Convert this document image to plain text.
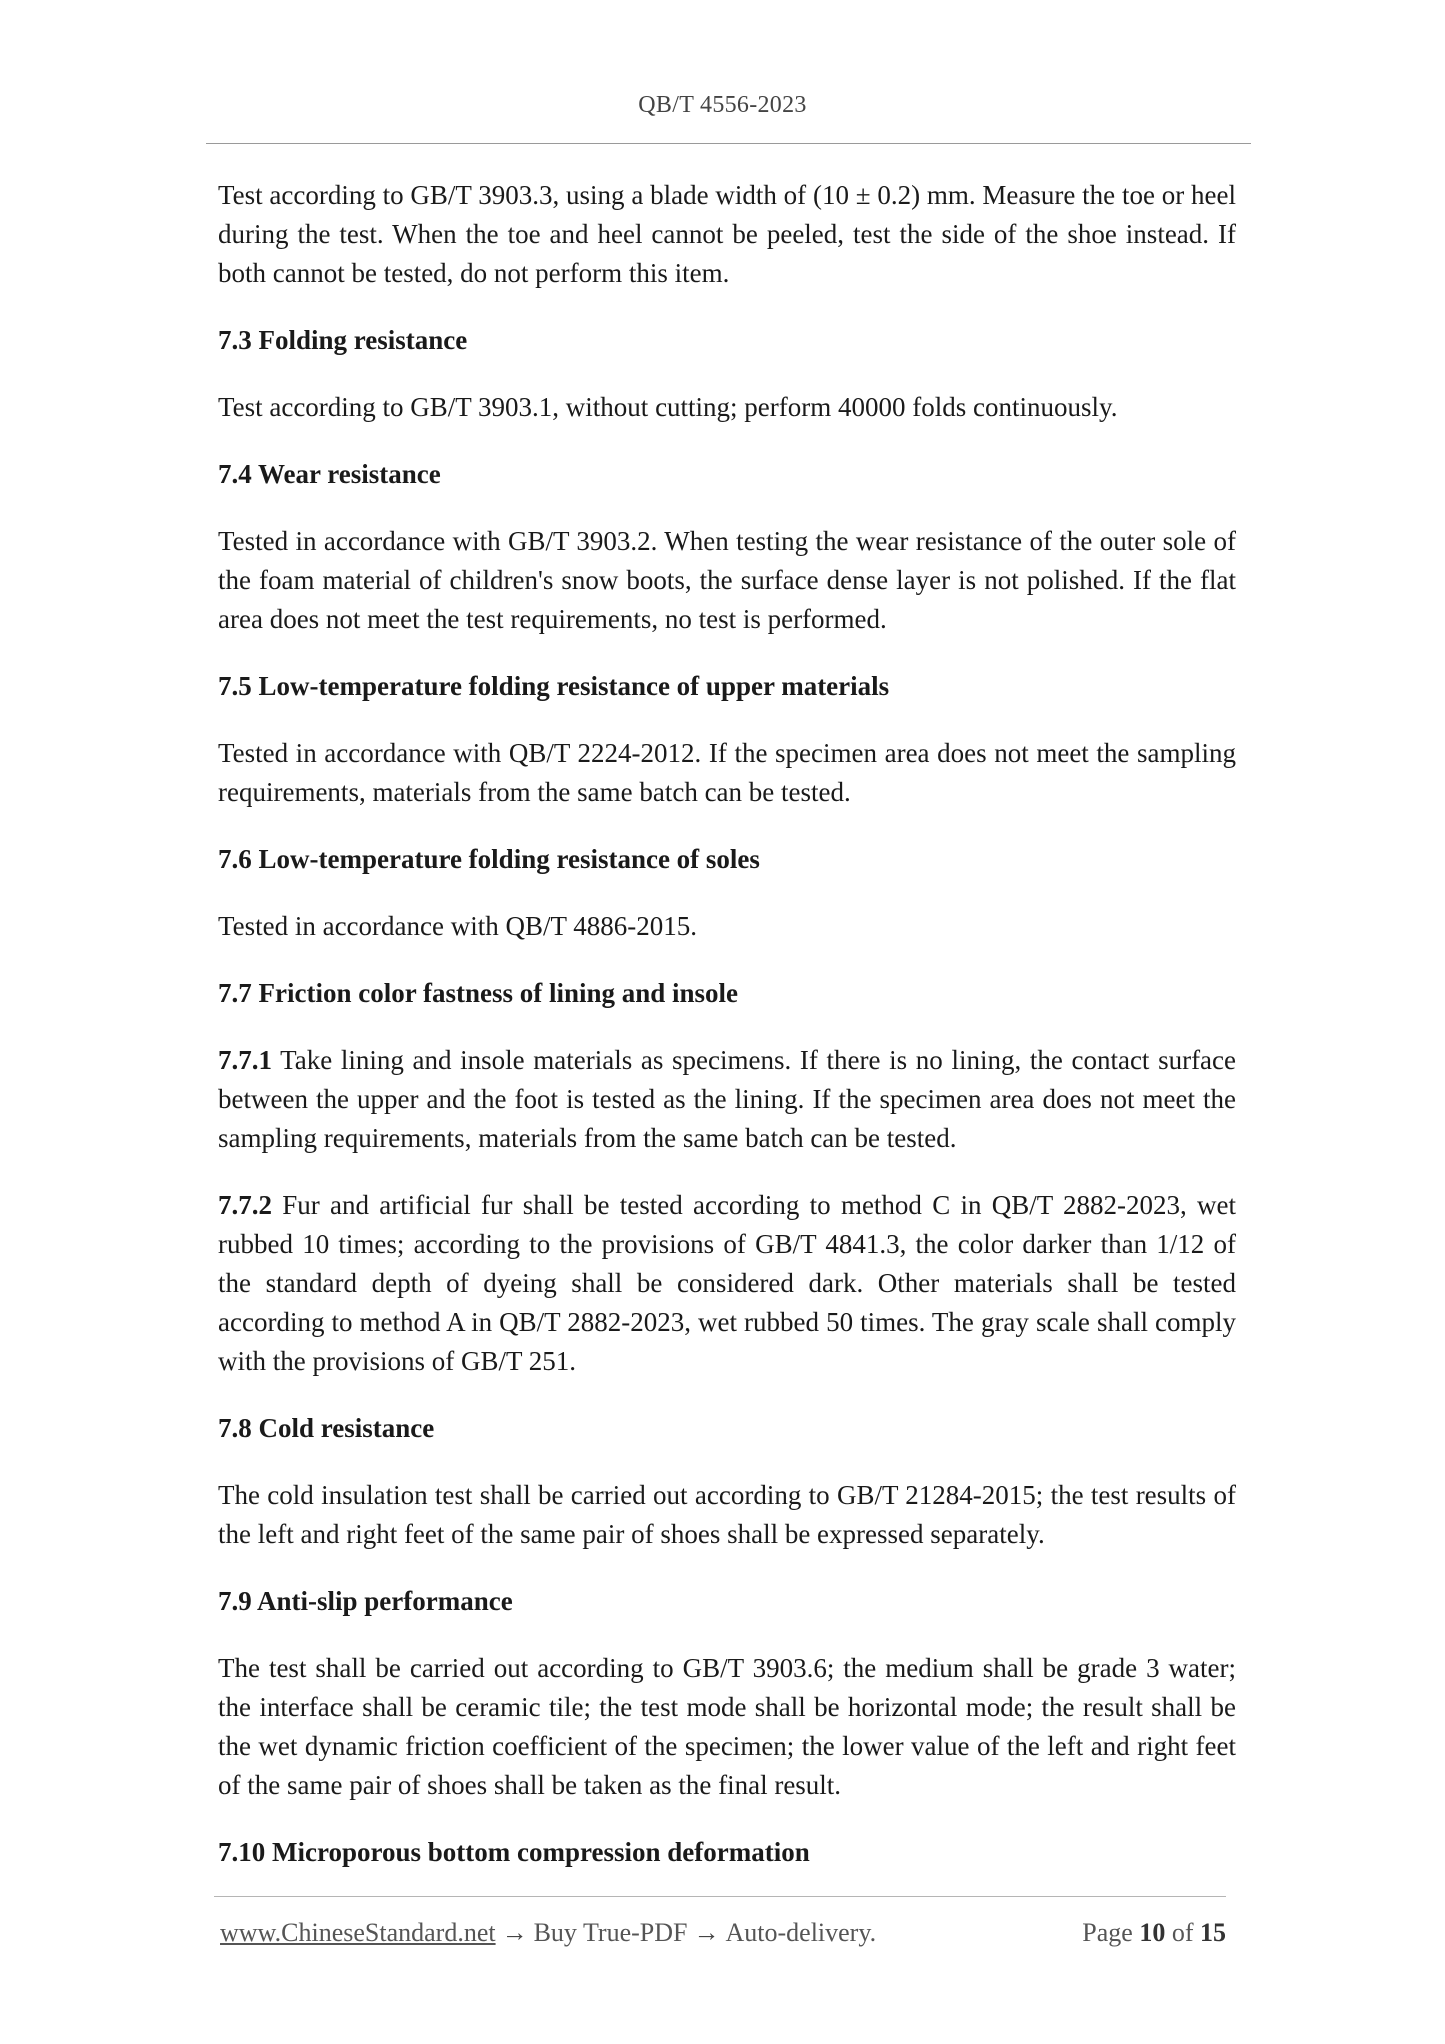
QB/T 4556-2023

Test according to GB/T 3903.3, using a blade width of (10 ± 0.2) mm. Measure the toe or heel during the test. When the toe and heel cannot be peeled, test the side of the shoe instead. If both cannot be tested, do not perform this item.

7.3 Folding resistance

Test according to GB/T 3903.1, without cutting; perform 40000 folds continuously.

7.4 Wear resistance

Tested in accordance with GB/T 3903.2. When testing the wear resistance of the outer sole of the foam material of children's snow boots, the surface dense layer is not polished. If the flat area does not meet the test requirements, no test is performed.

7.5 Low-temperature folding resistance of upper materials

Tested in accordance with QB/T 2224-2012. If the specimen area does not meet the sampling requirements, materials from the same batch can be tested.

7.6 Low-temperature folding resistance of soles

Tested in accordance with QB/T 4886-2015.

7.7 Friction color fastness of lining and insole

7.7.1 Take lining and insole materials as specimens. If there is no lining, the contact surface between the upper and the foot is tested as the lining. If the specimen area does not meet the sampling requirements, materials from the same batch can be tested.

7.7.2 Fur and artificial fur shall be tested according to method C in QB/T 2882-2023, wet rubbed 10 times; according to the provisions of GB/T 4841.3, the color darker than 1/12 of the standard depth of dyeing shall be considered dark. Other materials shall be tested according to method A in QB/T 2882-2023, wet rubbed 50 times. The gray scale shall comply with the provisions of GB/T 251.

7.8 Cold resistance

The cold insulation test shall be carried out according to GB/T 21284-2015; the test results of the left and right feet of the same pair of shoes shall be expressed separately.

7.9 Anti-slip performance

The test shall be carried out according to GB/T 3903.6; the medium shall be grade 3 water; the interface shall be ceramic tile; the test mode shall be horizontal mode; the result shall be the wet dynamic friction coefficient of the specimen; the lower value of the left and right feet of the same pair of shoes shall be taken as the final result.

7.10 Microporous bottom compression deformation
www.ChineseStandard.net → Buy True-PDF → Auto-delivery.	Page 10 of 15
